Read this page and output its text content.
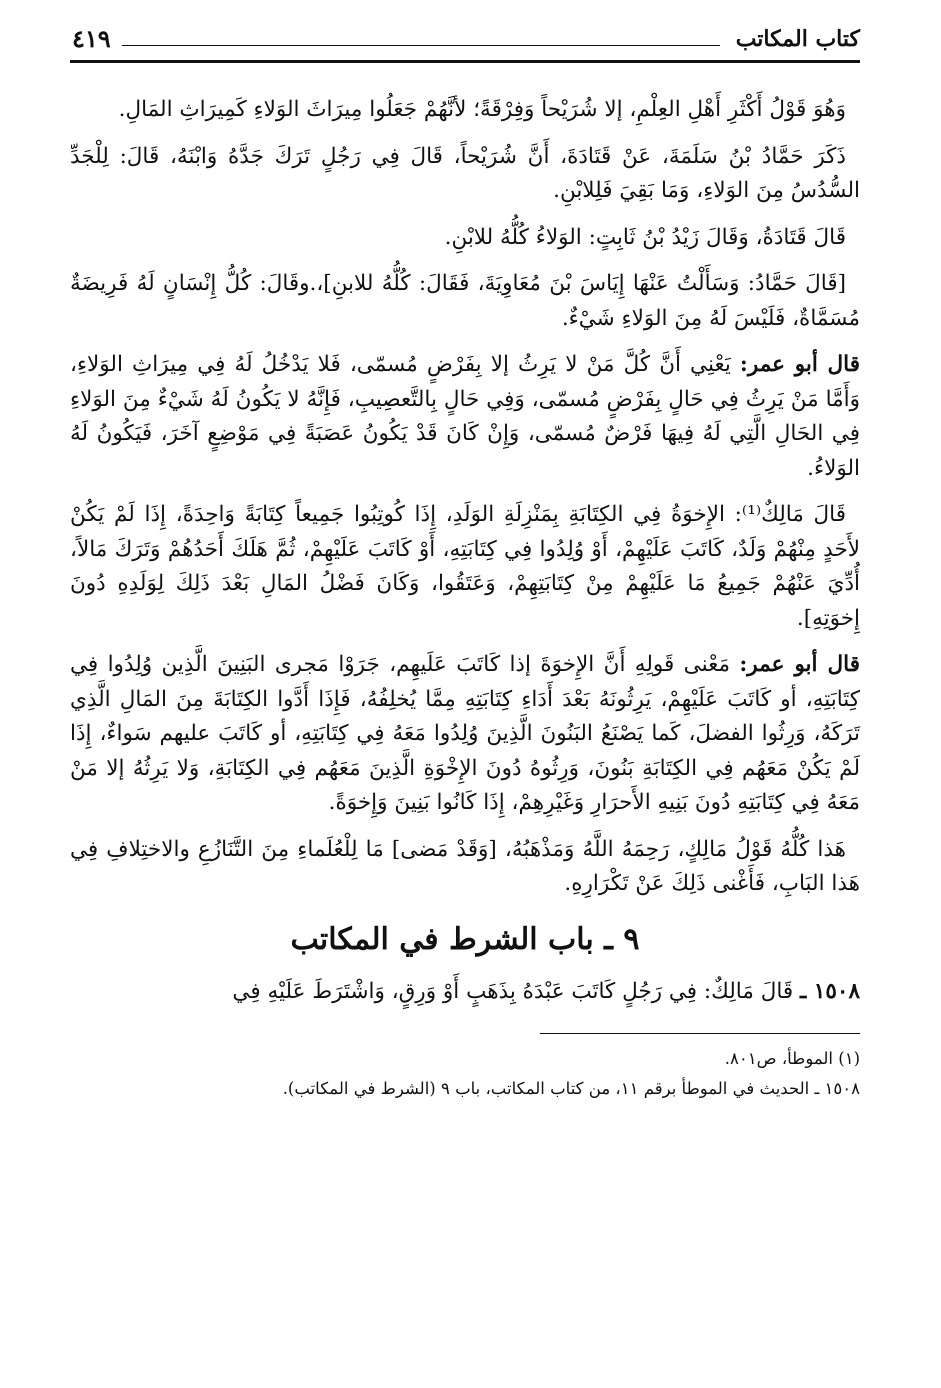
كتاب المكاتب
٤١٩

وَهُوَ قَوْلُ أَكْثَرِ أَهْلِ العِلْمِ، إلا شُرَيْحاً وَفِرْقَةً؛ لأنَّهُمْ جَعَلُوا مِيرَاثَ الوَلاءِ كَمِيرَاثِ المَالِ.

ذَكَرَ حَمَّادُ بْنُ سَلَمَةَ، عَنْ قَتَادَةَ، أَنَّ شُرَيْحاً، قَالَ فِي رَجُلٍ تَرَكَ جَدَّهُ وَابْنَهُ، قَالَ: لِلْجَدِّ السُّدُسُ مِنَ الوَلاءِ، وَمَا بَقِيَ فَلِلابْنِ.

قَالَ قَتَادَةُ، وَقَالَ زَيْدُ بْنُ ثَابِتٍ: الوَلاءُ كُلُّهُ للابْنِ.

[قَالَ حَمَّادُ: وَسَأَلْتُ عَنْهَا إِيَاسَ بْنَ مُعَاوِيَةَ، فَقَالَ: كُلُّهُ للابنِ]،.وقَالَ: كُلُّ إِنْسَانٍ لَهُ فَرِيضَةٌ مُسَمَّاةٌ، فَلَيْسَ لَهُ مِنَ الوَلاءِ شَيْءٌ.

قال أبو عمر: يَعْنِي أَنَّ كُلَّ مَنْ لا يَرِثُ إلا بِفَرْضٍ مُسمّى، فَلا يَدْخُلُ لَهُ فِي مِيرَاثِ الوَلاءِ، وَأَمَّا مَنْ يَرِثُ فِي حَالٍ بِفَرْضٍ مُسمّى، وَفِي حَالٍ بِالتَّعصِيبِ، فَإِنَّهُ لا يَكُونُ لَهُ شَيْءٌ مِنَ الوَلاءِ فِي الحَالِ الَّتِي لَهُ فِيهَا فَرْضٌ مُسمّى، وَإِنْ كَانَ قَدْ يَكُونُ عَصَبَةً فِي مَوْضِعٍ آخَرَ، فَيَكُونُ لَهُ الوَلاءُ.

قَالَ مَالِكٌ⁽¹⁾: الإِخوَةُ فِي الكِتَابَةِ بِمَنْزِلَةِ الوَلَدِ، إِذَا كُوتِبُوا جَمِيعاً كِتَابَةً وَاحِدَةً، إِذَا لَمْ يَكُنْ لأَحَدٍ مِنْهُمْ وَلَدٌ، كَاتَبَ عَلَيْهِمْ، أَوْ وُلِدُوا فِي كِتَابَتِهِ، أَوْ كَاتَبَ عَلَيْهِمْ، ثُمَّ هَلَكَ أَحَدُهُمْ وَتَرَكَ مَالاً، أُدِّيَ عَنْهُمْ جَمِيعُ مَا عَلَيْهِمْ مِنْ كِتَابَتِهِمْ، وَعَتَقُوا، وَكَانَ فَضْلُ المَالِ بَعْدَ ذَلِكَ لِوَلَدِهِ دُونَ إِخوَتِهِ].

قال أبو عمر: مَعْنى قَولِهِ أَنَّ الإِخوَةَ إذا كَاتَبَ عَلَيهِم، جَرَوْا مَجرى البَنِينَ الَّذِين وُلِدُوا فِي كِتَابَتِهِ، أو كَاتَبَ عَلَيْهِمْ، يَرِثُونَهُ بَعْدَ أَدَاءِ كِتَابَتِهِ مِمَّا يُخلِفُهُ، فَإِذَا أَدَّوا الكِتَابَةَ مِنَ المَالِ الَّذِي تَرَكَهُ، وَرِثُوا الفضلَ، كَما يَصْنَعُ البَنُونَ الَّذِينَ وُلِدُوا مَعَهُ فِي كِتَابَتِهِ، أو كَاتَبَ عليهم سَواءٌ، إِذَا لَمْ يَكُنْ مَعَهُم فِي الكِتَابَةِ بَنُونَ، وَرِثُوهُ دُونَ الإِخْوَةِ الَّذِينَ مَعَهُم فِي الكِتَابَةِ، وَلا يَرِثُهُ إلا مَنْ مَعَهُ فِي كِتَابَتِهِ دُونَ بَنِيهِ الأَحرَارِ وَغَيْرِهِمْ، إِذَا كَانُوا بَنِينَ وَإِخوَةً.

هَذا كُلُّهُ قَوْلُ مَالِكٍ، رَحِمَهُ اللَّهُ وَمَذْهَبُهُ، [وَقَدْ مَضى] مَا لِلْعُلَماءِ مِنَ التَّنَازُعِ والاختِلافِ فِي هَذا البَابِ، فَأَغْنى ذَلِكَ عَنْ تَكْرَارِهِ.

٩ ـ باب الشرط في المكاتب

١٥٠٨ ـ قَالَ مَالِكٌ: فِي رَجُلٍ كَاتَبَ عَبْدَهُ بِذَهَبٍ أَوْ وَرِقٍ، وَاشْتَرَطَ عَلَيْهِ فِي

(١) الموطأ، ص٨٠١.

١٥٠٨ ـ الحديث في الموطأ برقم ١١، من كتاب المكاتب، باب ٩ (الشرط في المكاتب).
